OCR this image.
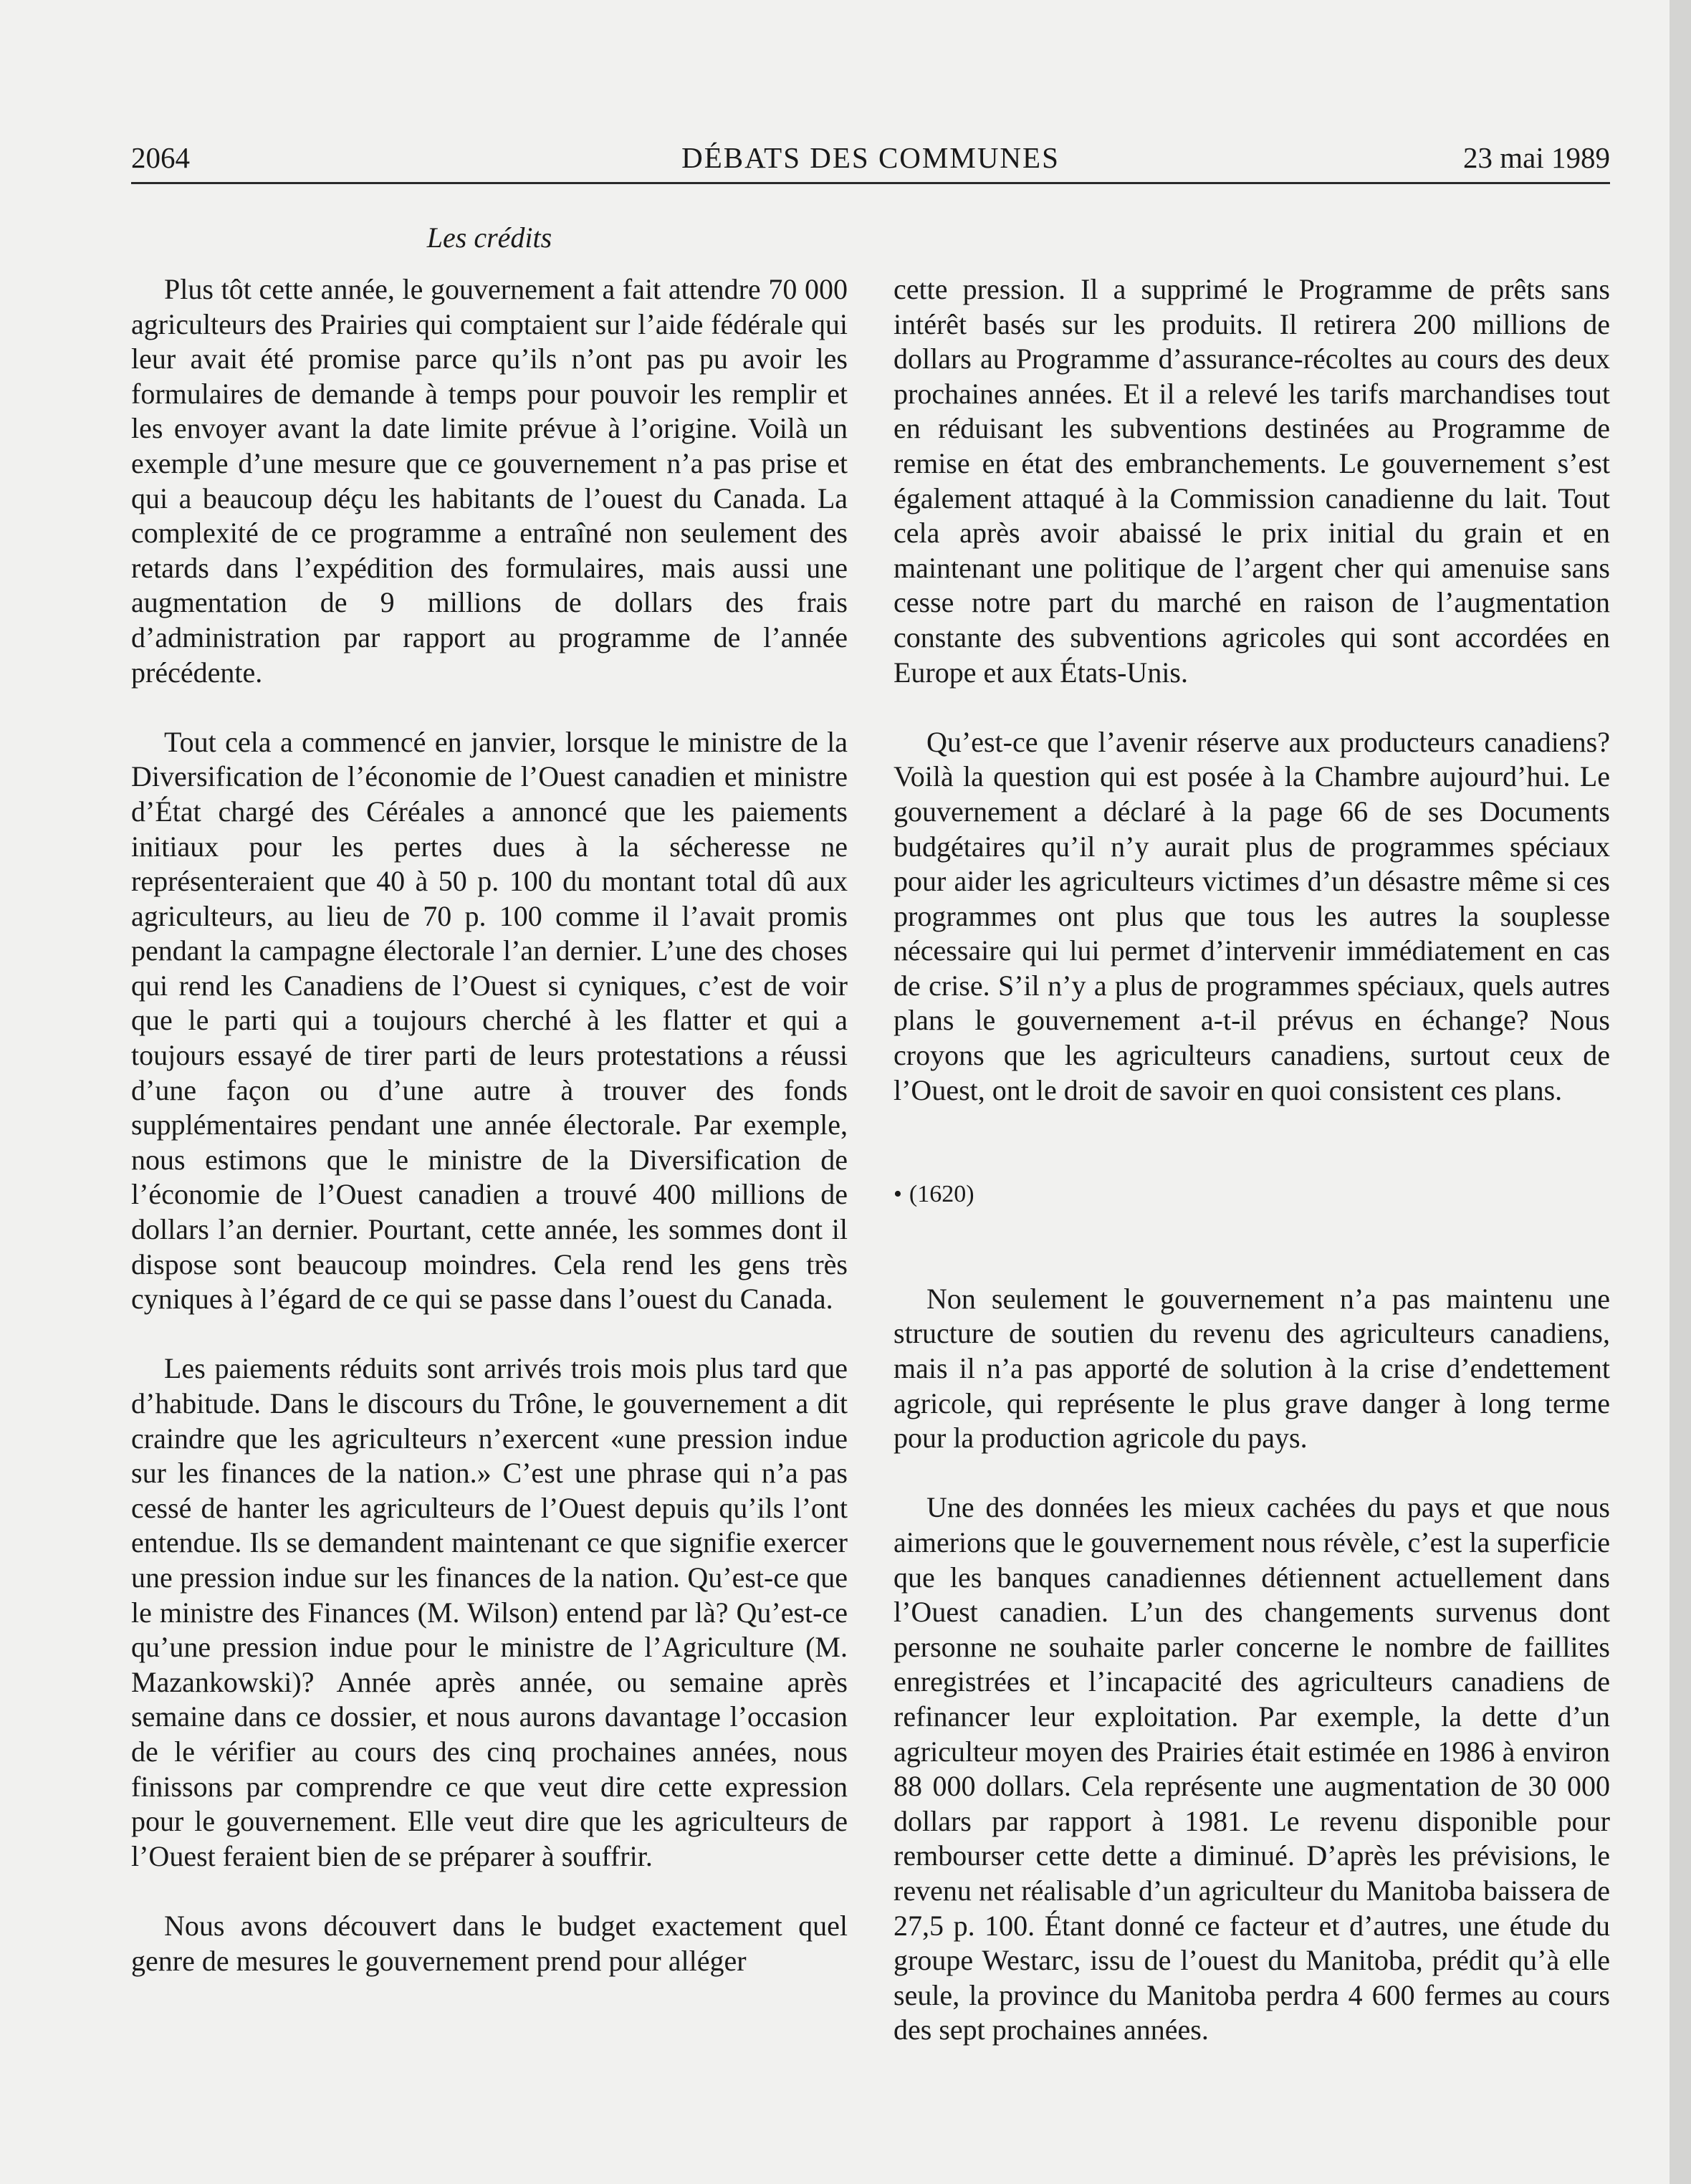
2064	DÉBATS DES COMMUNES	23 mai 1989
Les crédits

Plus tôt cette année, le gouvernement a fait attendre 70 000 agriculteurs des Prairies qui comptaient sur l’aide fédérale qui leur avait été promise parce qu’ils n’ont pas pu avoir les formulaires de demande à temps pour pouvoir les remplir et les envoyer avant la date limite prévue à l’origine. Voilà un exemple d’une mesure que ce gouvernement n’a pas prise et qui a beaucoup déçu les habitants de l’ouest du Canada. La complexité de ce programme a entraîné non seulement des retards dans l’expédition des formulaires, mais aussi une augmentation de 9 millions de dollars des frais d’administration par rapport au programme de l’année précédente.

Tout cela a commencé en janvier, lorsque le ministre de la Diversification de l’économie de l’Ouest canadien et ministre d’État chargé des Céréales a annoncé que les paiements initiaux pour les pertes dues à la sécheresse ne représenteraient que 40 à 50 p. 100 du montant total dû aux agriculteurs, au lieu de 70 p. 100 comme il l’avait promis pendant la campagne électorale l’an dernier. L’une des choses qui rend les Canadiens de l’Ouest si cyniques, c’est de voir que le parti qui a toujours cherché à les flatter et qui a toujours essayé de tirer parti de leurs protestations a réussi d’une façon ou d’une autre à trouver des fonds supplémentaires pendant une année électorale. Par exemple, nous estimons que le ministre de la Diversification de l’économie de l’Ouest canadien a trouvé 400 millions de dollars l’an dernier. Pourtant, cette année, les sommes dont il dispose sont beaucoup moindres. Cela rend les gens très cyniques à l’égard de ce qui se passe dans l’ouest du Canada.

Les paiements réduits sont arrivés trois mois plus tard que d’habitude. Dans le discours du Trône, le gouvernement a dit craindre que les agriculteurs n’exercent «une pression indue sur les finances de la nation.» C’est une phrase qui n’a pas cessé de hanter les agriculteurs de l’Ouest depuis qu’ils l’ont entendue. Ils se demandent maintenant ce que signifie exercer une pression indue sur les finances de la nation. Qu’est-ce que le ministre des Finances (M. Wilson) entend par là? Qu’est-ce qu’une pression indue pour le ministre de l’Agriculture (M. Mazankowski)? Année après année, ou semaine après semaine dans ce dossier, et nous aurons davantage l’occasion de le vérifier au cours des cinq prochaines années, nous finissons par comprendre ce que veut dire cette expression pour le gouvernement. Elle veut dire que les agriculteurs de l’Ouest feraient bien de se préparer à souffrir.

Nous avons découvert dans le budget exactement quel genre de mesures le gouvernement prend pour alléger

cette pression. Il a supprimé le Programme de prêts sans intérêt basés sur les produits. Il retirera 200 millions de dollars au Programme d’assurance-récoltes au cours des deux prochaines années. Et il a relevé les tarifs marchandises tout en réduisant les subventions destinées au Programme de remise en état des embranchements. Le gouvernement s’est également attaqué à la Commission canadienne du lait. Tout cela après avoir abaissé le prix initial du grain et en maintenant une politique de l’argent cher qui amenuise sans cesse notre part du marché en raison de l’augmentation constante des subventions agricoles qui sont accordées en Europe et aux États-Unis.

Qu’est-ce que l’avenir réserve aux producteurs canadiens? Voilà la question qui est posée à la Chambre aujourd’hui. Le gouvernement a déclaré à la page 66 de ses Documents budgétaires qu’il n’y aurait plus de programmes spéciaux pour aider les agriculteurs victimes d’un désastre même si ces programmes ont plus que tous les autres la souplesse nécessaire qui lui permet d’intervenir immédiatement en cas de crise. S’il n’y a plus de programmes spéciaux, quels autres plans le gouvernement a-t-il prévus en échange? Nous croyons que les agriculteurs canadiens, surtout ceux de l’Ouest, ont le droit de savoir en quoi consistent ces plans.

• (1620)

Non seulement le gouvernement n’a pas maintenu une structure de soutien du revenu des agriculteurs canadiens, mais il n’a pas apporté de solution à la crise d’endettement agricole, qui représente le plus grave danger à long terme pour la production agricole du pays.

Une des données les mieux cachées du pays et que nous aimerions que le gouvernement nous révèle, c’est la superficie que les banques canadiennes détiennent actuellement dans l’Ouest canadien. L’un des changements survenus dont personne ne souhaite parler concerne le nombre de faillites enregistrées et l’incapacité des agriculteurs canadiens de refinancer leur exploitation. Par exemple, la dette d’un agriculteur moyen des Prairies était estimée en 1986 à environ 88 000 dollars. Cela représente une augmentation de 30 000 dollars par rapport à 1981. Le revenu disponible pour rembourser cette dette a diminué. D’après les prévisions, le revenu net réalisable d’un agriculteur du Manitoba baissera de 27,5 p. 100. Étant donné ce facteur et d’autres, une étude du groupe Westarc, issu de l’ouest du Manitoba, prédit qu’à elle seule, la province du Manitoba perdra 4 600 fermes au cours des sept prochaines années.
